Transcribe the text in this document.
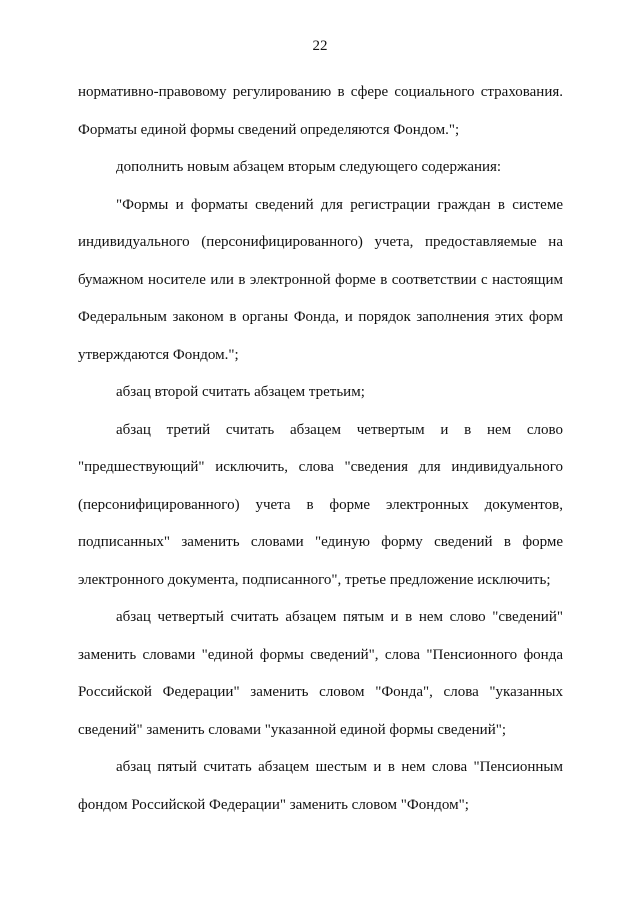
22
нормативно-правовому регулированию в сфере социального страхования.
Форматы единой формы сведений определяются Фондом.";
дополнить новым абзацем вторым следующего содержания:
"Формы и форматы сведений для регистрации граждан в системе
индивидуального (персонифицированного) учета, предоставляемые на
бумажном носителе или в электронной форме в соответствии с настоящим
Федеральным законом в органы Фонда, и порядок заполнения этих форм
утверждаются Фондом.";
абзац второй считать абзацем третьим;
абзац третий считать абзацем четвертым и в нем слово
"предшествующий" исключить, слова "сведения для индивидуального
(персонифицированного) учета в форме электронных документов,
подписанных" заменить словами "единую форму сведений в форме
электронного документа, подписанного", третье предложение исключить;
абзац четвертый считать абзацем пятым и в нем слово "сведений"
заменить словами "единой формы сведений", слова "Пенсионного фонда
Российской Федерации" заменить словом "Фонда", слова "указанных
сведений" заменить словами "указанной единой формы сведений";
абзац пятый считать абзацем шестым и в нем слова "Пенсионным
фондом Российской Федерации" заменить словом "Фондом";
